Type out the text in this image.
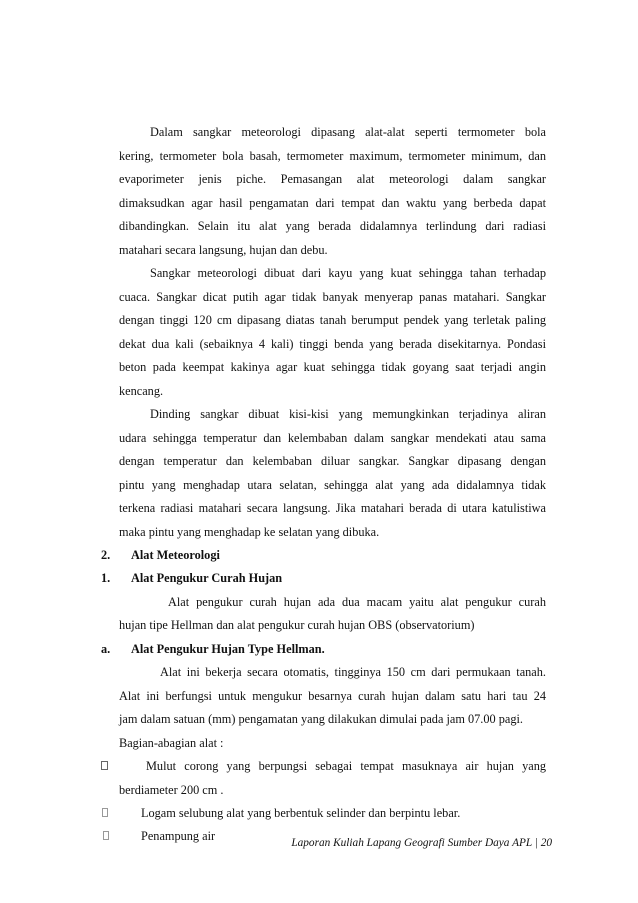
Dalam sangkar meteorologi dipasang alat-alat seperti termometer bola
kering, termometer bola basah, termometer maximum, termometer minimum, dan
evaporimeter jenis piche. Pemasangan alat meteorologi dalam sangkar
dimaksudkan agar hasil pengamatan dari tempat dan waktu yang berbeda dapat
dibandingkan. Selain itu alat yang berada didalamnya terlindung dari radiasi
matahari secara langsung, hujan dan debu.
Sangkar meteorologi dibuat dari kayu yang kuat sehingga tahan terhadap
cuaca. Sangkar dicat putih agar tidak banyak menyerap panas matahari. Sangkar
dengan tinggi 120 cm dipasang diatas tanah berumput pendek yang terletak paling
dekat dua kali (sebaiknya 4 kali) tinggi benda yang berada disekitarnya. Pondasi
beton pada keempat kakinya agar kuat sehingga tidak goyang saat terjadi angin
kencang.
Dinding sangkar dibuat kisi-kisi yang memungkinkan terjadinya aliran
udara sehingga temperatur dan kelembaban dalam sangkar mendekati atau sama
dengan temperatur dan kelembaban diluar sangkar. Sangkar dipasang dengan
pintu yang menghadap utara selatan, sehingga alat yang ada didalamnya tidak
terkena radiasi matahari secara langsung. Jika matahari berada di utara katulistiwa
maka pintu yang menghadap ke selatan yang dibuka.
2. Alat Meteorologi
1. Alat Pengukur Curah Hujan
Alat pengukur curah hujan ada dua macam yaitu alat pengukur curah
hujan tipe Hellman dan alat pengukur curah hujan OBS (observatorium)
a. Alat Pengukur Hujan Type Hellman.
Alat ini bekerja secara otomatis, tingginya 150 cm dari permukaan tanah.
Alat ini berfungsi untuk mengukur besarnya curah hujan dalam satu hari tau 24
jam dalam satuan (mm) pengamatan yang dilakukan dimulai pada jam 07.00 pagi.
Bagian-abagian alat :
Mulut corong yang berpungsi sebagai tempat masuknaya air hujan yang
berdiameter 200 cm .
Logam selubung alat yang berbentuk selinder dan berpintu lebar.
Penampung air	Laporan Kuliah Lapang Geografi Sumber Daya APL | 20
